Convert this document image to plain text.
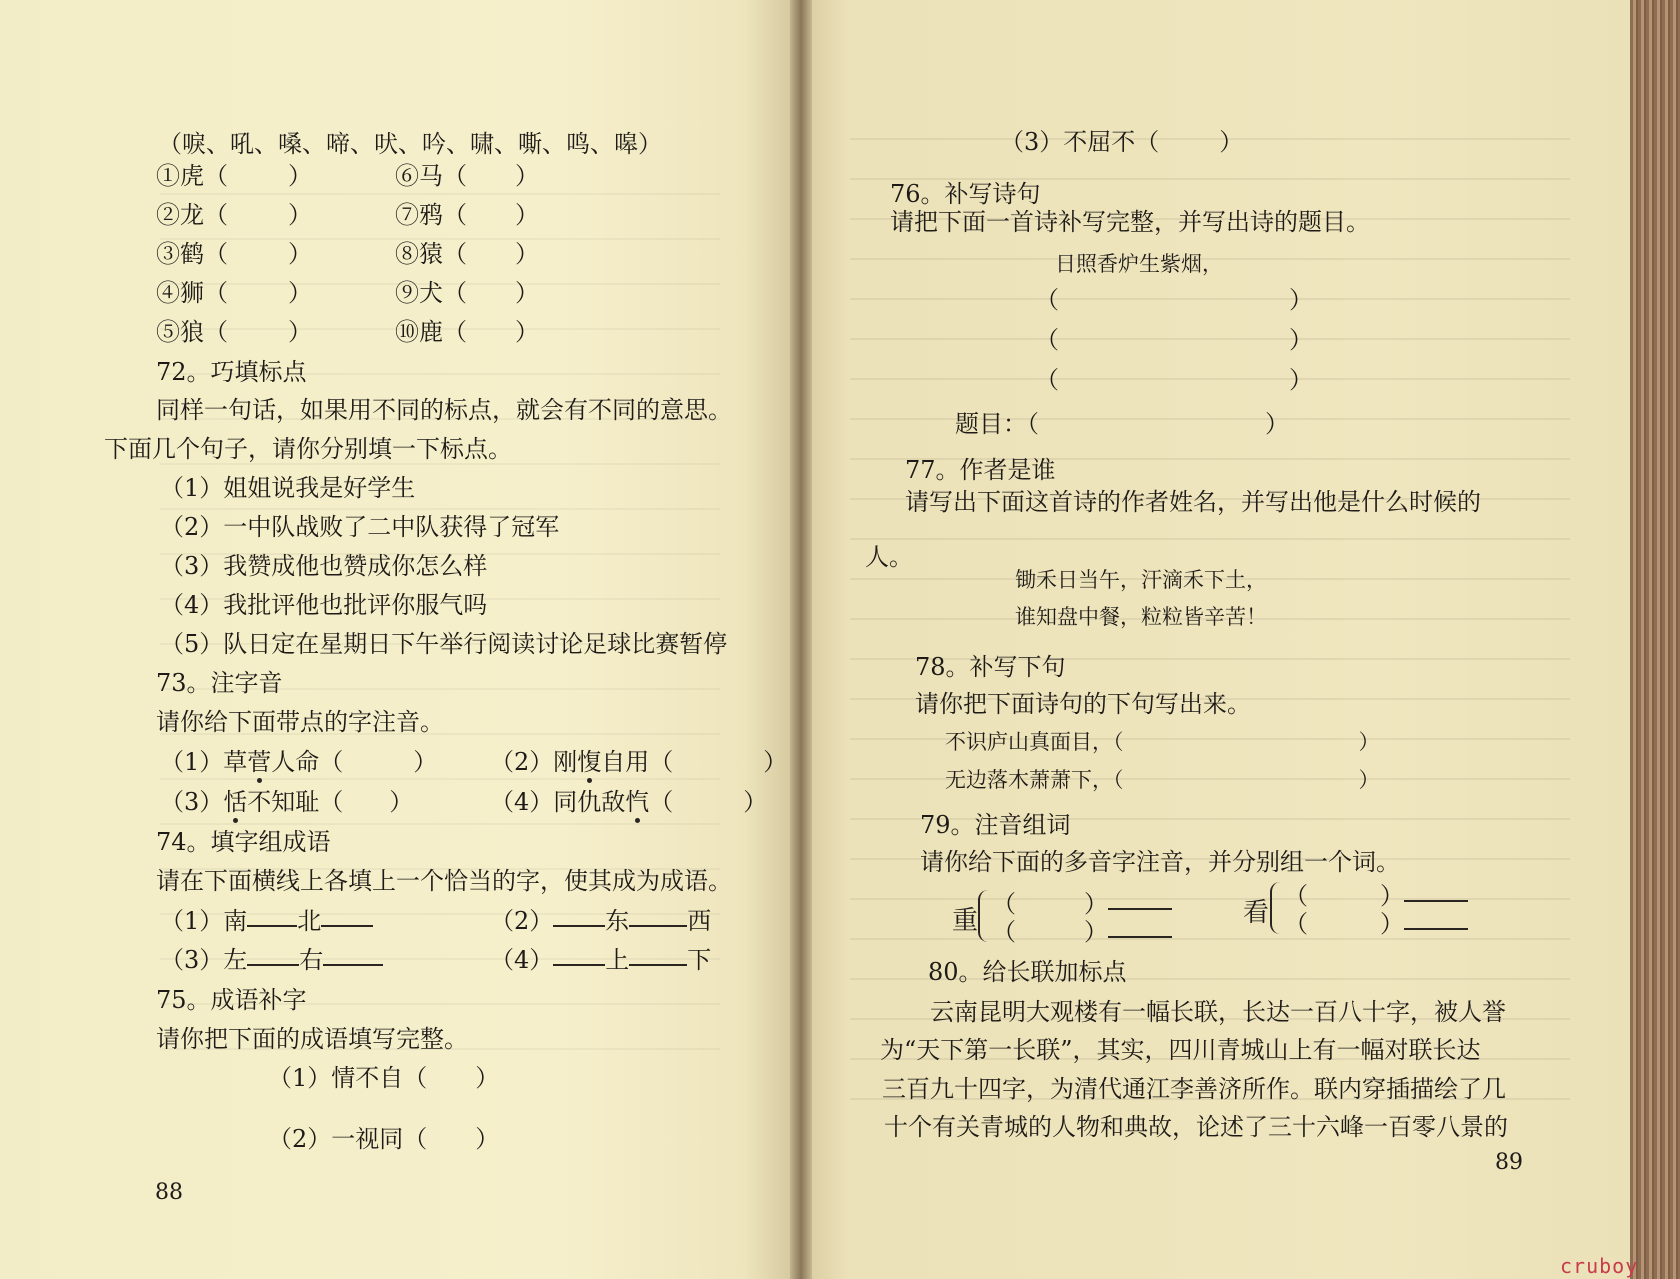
（唳、吼、嗓、啼、吠、吟、啸、嘶、鸣、嗥）
①虎（	）	⑥马（ ）
②龙（	）	⑦鸦（ ）
③鹤（	）	⑧猿（ ）
④狮（	）	⑨犬（ ）
⑤狼（	）	⑩鹿（ ）
72。巧填标点
同样一句话，如果用不同的标点，就会有不同的意思。
下面几个句子，请你分别填一下标点。
（1）姐姐说我是好学生
（2）一中队战败了二中队获得了冠军
（3）我赞成他也赞成你怎么样
（4）我批评他也批评你服气吗
（5）队日定在星期日下午举行阅读讨论足球比赛暂停
73。注字音
请你给下面带点的字注音。
（1）草菅人命（	） （2）刚愎自用（	）
（3）恬不知耻（ ）	（4）同仇敌忾（	）
74。填字组成语
请在下面横线上各填上一个恰当的字，使其成为成语。
（1）南 北	（2） 东 西
（3）左 右	（4） 上 下
75。成语补字
请你把下面的成语填写完整。
（1）情不自（ ）
（2）一视同（ ）
88
（3）不屈不（	）
76。补写诗句
请把下面一首诗补写完整，并写出诗的题目。
日照香炉生紫烟，
（	）
（	）
（	）
题目：（	）
77。作者是谁
请写出下面这首诗的作者姓名，并写出他是什么时候的
人。
锄禾日当午，汗滴禾下土，
谁知盘中餐，粒粒皆辛苦！
78。补写下句
请你把下面诗句的下句写出来。
不识庐山真面目，（	）
无边落木萧萧下，（	）
79。注音组词
请你给下面的多音字注音，并分别组一个词。
重
（	）
（	）
看
（	）
（	）
80。给长联加标点
云南昆明大观楼有一幅长联，长达一百八十字，被人誉
为“天下第一长联”，其实，四川青城山上有一幅对联长达
三百九十四字，为清代通江李善济所作。联内穿插描绘了几
十个有关青城的人物和典故，论述了三十六峰一百零八景的
89
cruboy
